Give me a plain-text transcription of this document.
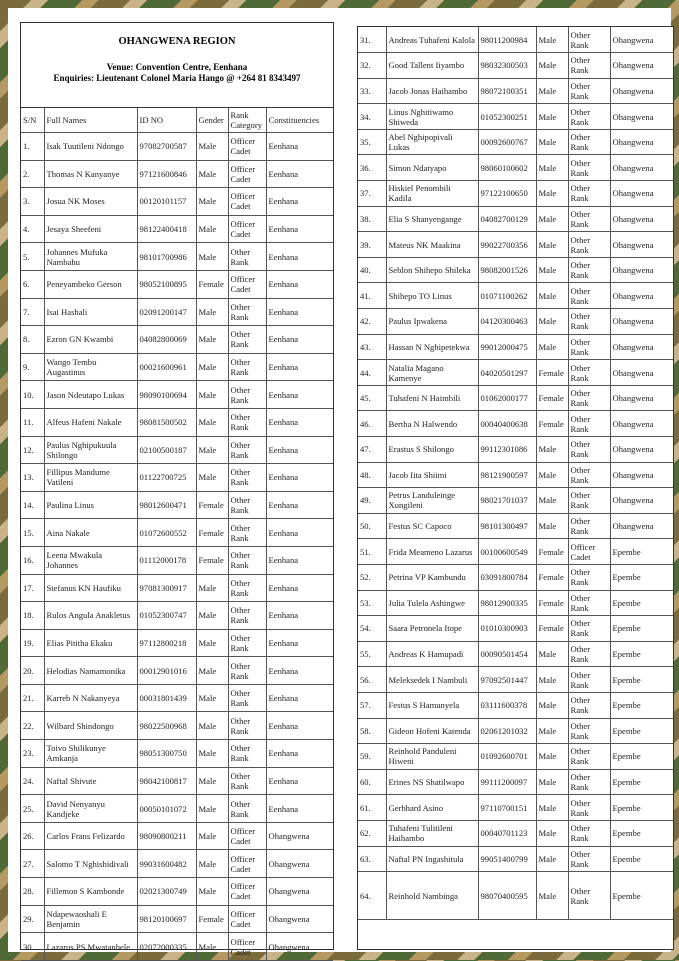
OHANGWENA REGION
Venue: Convention Centre, Eenhana
Enquiries: Lieutenant Colonel Maria Hango @ +264 81 8343497
S/N	Full Names	ID NO	Gender	Rank Category	Constituencies
1.	Isak Tuutileni Ndongo	97082700587	Male	Officer Cadet	Eenhana
2.	Thomas N Kanyanye	97121600846	Male	Officer Cadet	Eenhana
3.	Josua NK Moses	00120101157	Male	Officer Cadet	Eenhana
4.	Jesaya Sheefeni	98122400418	Male	Officer Cadet	Eenhana
5.	Johannes Mufuka Nambahu	98101700986	Male	Other Rank	Eenhana
6.	Peneyambeko Gerson	98052100895	Female	Officer Cadet	Eenhana
7.	Isai Hashali	02091200147	Male	Other Rank	Eenhana
8.	Ezron GN Kwambi	04082800069	Male	Other Rank	Eenhana
9.	Wango Tembu Augastinus	00021600961	Male	Other Rank	Eenhana
10.	Jason Ndeutapo Lukas	98090100694	Male	Other Rank	Eenhana
11.	Alfeus Hafeni Nakale	98081500502	Male	Other Rank	Eenhana
12.	Paulus Nghipukuula Shilongo	02100500187	Male	Other Rank	Eenhana
13.	Fillipus Mandume Vatileni	01122700725	Male	Other Rank	Eenhana
14.	Paulina Linus	98012600471	Female	Other Rank	Eenhana
15.	Aina Nakale	01072600552	Female	Other Rank	Eenhana
16.	Leena Mwakula Johannes	01112000178	Female	Other Rank	Eenhana
17.	Stefanus KN Haufiku	97081300917	Male	Other Rank	Eenhana
18.	Rulos Angula Anakletus	01052300747	Male	Other Rank	Eenhana
19.	Elias Pititha Ekaku	97112800218	Male	Other Rank	Eenhana
20.	Helodias Namamonika	00012901016	Male	Other Rank	Eenhana
21.	Karreb N Nakanyeya	00031801439	Male	Other Rank	Eenhana
22.	Wilbard Shindongo	98022500968	Male	Other Rank	Eenhana
23.	Toivo Shilikunye Amkanja	98051300750	Male	Other Rank	Eenhana
24.	Naftal Shivute	98042100817	Male	Other Rank	Eenhana
25.	David Nenyanyu Kandjeke	00050101072	Male	Other Rank	Eenhana
26.	Carlos Frans Felizardo	98090800211	Male	Officer Cadet	Ohangwena
27.	Salomo T Nghishidivali	99031600482	Male	Officer Cadet	Ohangwena
28.	Fillemon S Kambonde	02021300749	Male	Officer Cadet	Ohangwena
29.	Ndapewaoshali E Benjamin	98120100697	Female	Officer Cadet	Ohangwena
30.	Lazarus PS Mwatanhele	02072000335	Male	Officer Cadet	Ohangwena
31.	Andreas Tuhafeni Kalola	98011200984	Male	Other Rank	Ohangwena
32.	Good Tallent Iiyambo	98032300503	Male	Other Rank	Ohangwena
33.	Jacob Jonas Haihambo	98072100351	Male	Other Rank	Ohangwena
34.	Linus Nghitiwamo Shiweda	01052300251	Male	Other Rank	Ohangwena
35.	Abel Nghipopivali Lukas	00092600767	Male	Other Rank	Ohangwena
36.	Simon Ndatyapo	98060100602	Male	Other Rank	Ohangwena
37.	Hiskiel Penombili Kadila	97122100650	Male	Other Rank	Ohangwena
38.	Elia S Shanyengange	04082700129	Male	Other Rank	Ohangwena
39.	Mateus NK Maakina	99022700356	Male	Other Rank	Ohangwena
40.	Seblon Shihepo Shileka	98082001526	Male	Other Rank	Ohangwena
41.	Shihepo TO Linus	01071100262	Male	Other Rank	Ohangwena
42.	Paulus Ipwakena	04120300463	Male	Other Rank	Ohangwena
43.	Hassan N Nghipetekwa	99012000475	Male	Other Rank	Ohangwena
44.	Natalia Magano Kamenye	04020501297	Female	Other Rank	Ohangwena
45.	Tuhafeni N Haimbili	01062000177	Female	Other Rank	Ohangwena
46.	Bertha N Halwendo	00040400638	Female	Other Rank	Ohangwena
47.	Erastus S Shilongo	99112301086	Male	Other Rank	Ohangwena
48.	Jacob Iita Shiimi	98121900597	Male	Other Rank	Ohangwena
49.	Petrus Landuleinge Xungileni	98021701037	Male	Other Rank	Ohangwena
50.	Festus SC Capoco	98101300497	Male	Other Rank	Ohangwena
51.	Frida Meameno Lazarus	00100600549	Female	Officer Cadet	Epembe
52.	Petrina VP Kambundu	03091800784	Female	Other Rank	Epembe
53.	Julia Tulela Ashingwe	98012900335	Female	Other Rank	Epembe
54.	Saara Petronela Itope	01010300903	Female	Other Rank	Epembe
55.	Andreas K Hamupadi	00090501454	Male	Other Rank	Epembe
56.	Meleksedek I Nambuli	97092501447	Male	Other Rank	Epembe
57.	Festus S Hamunyela	03111600378	Male	Other Rank	Epembe
58.	Gideon Hofeni Katenda	02061201032	Male	Other Rank	Epembe
59.	Reinhold Panduleni Hiweni	01092600701	Male	Other Rank	Epembe
60.	Erines NS Shatilwapo	99111200097	Male	Other Rank	Epembe
61.	Gerbhard Asino	97110700151	Male	Other Rank	Epembe
62.	Tuhafeni Tulitileni Haihambo	00040701123	Male	Other Rank	Epembe
63.	Naftal PN Ingashitula	99051400799	Male	Other Rank	Epembe
64.	Reinhold Nambinga	98070400595	Male	Other Rank	Epembe
